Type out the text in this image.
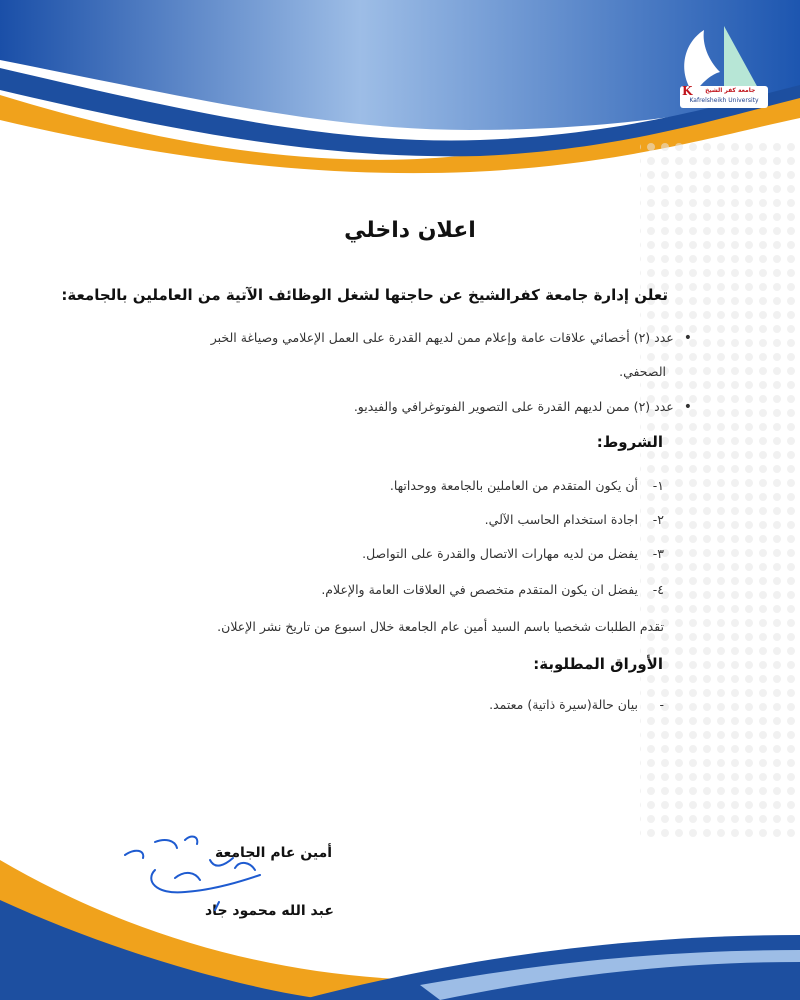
K	جامعة كفر الشيخ
Kafrelsheikh University
اعلان داخلي
تعلن إدارة جامعة كفرالشيخ عن حاجتها لشغل الوظائف الآتية من العاملين بالجامعة:
• عدد (٢) أخصائي علاقات عامة وإعلام ممن لديهم القدرة على العمل الإعلامي وصياغة الخبر
الصحفي.
• عدد (٢) ممن لديهم القدرة على التصوير الفوتوغرافي والفيديو.
الشروط:
١-أن يكون المتقدم من العاملين بالجامعة ووحداتها.
٢-اجادة استخدام الحاسب الآلي.
٣-يفضل من لديه مهارات الاتصال والقدرة على التواصل.
٤-يفضل ان يكون المتقدم متخصص في العلاقات العامة والإعلام.
تقدم الطلبات شخصيا باسم السيد أمين عام الجامعة خلال اسبوع من تاريخ نشر الإعلان.
الأوراق المطلوبة:
-بيان حالة(سيرة ذاتية) معتمد.
أمين عام الجامعة
عبد الله محمود جاد
